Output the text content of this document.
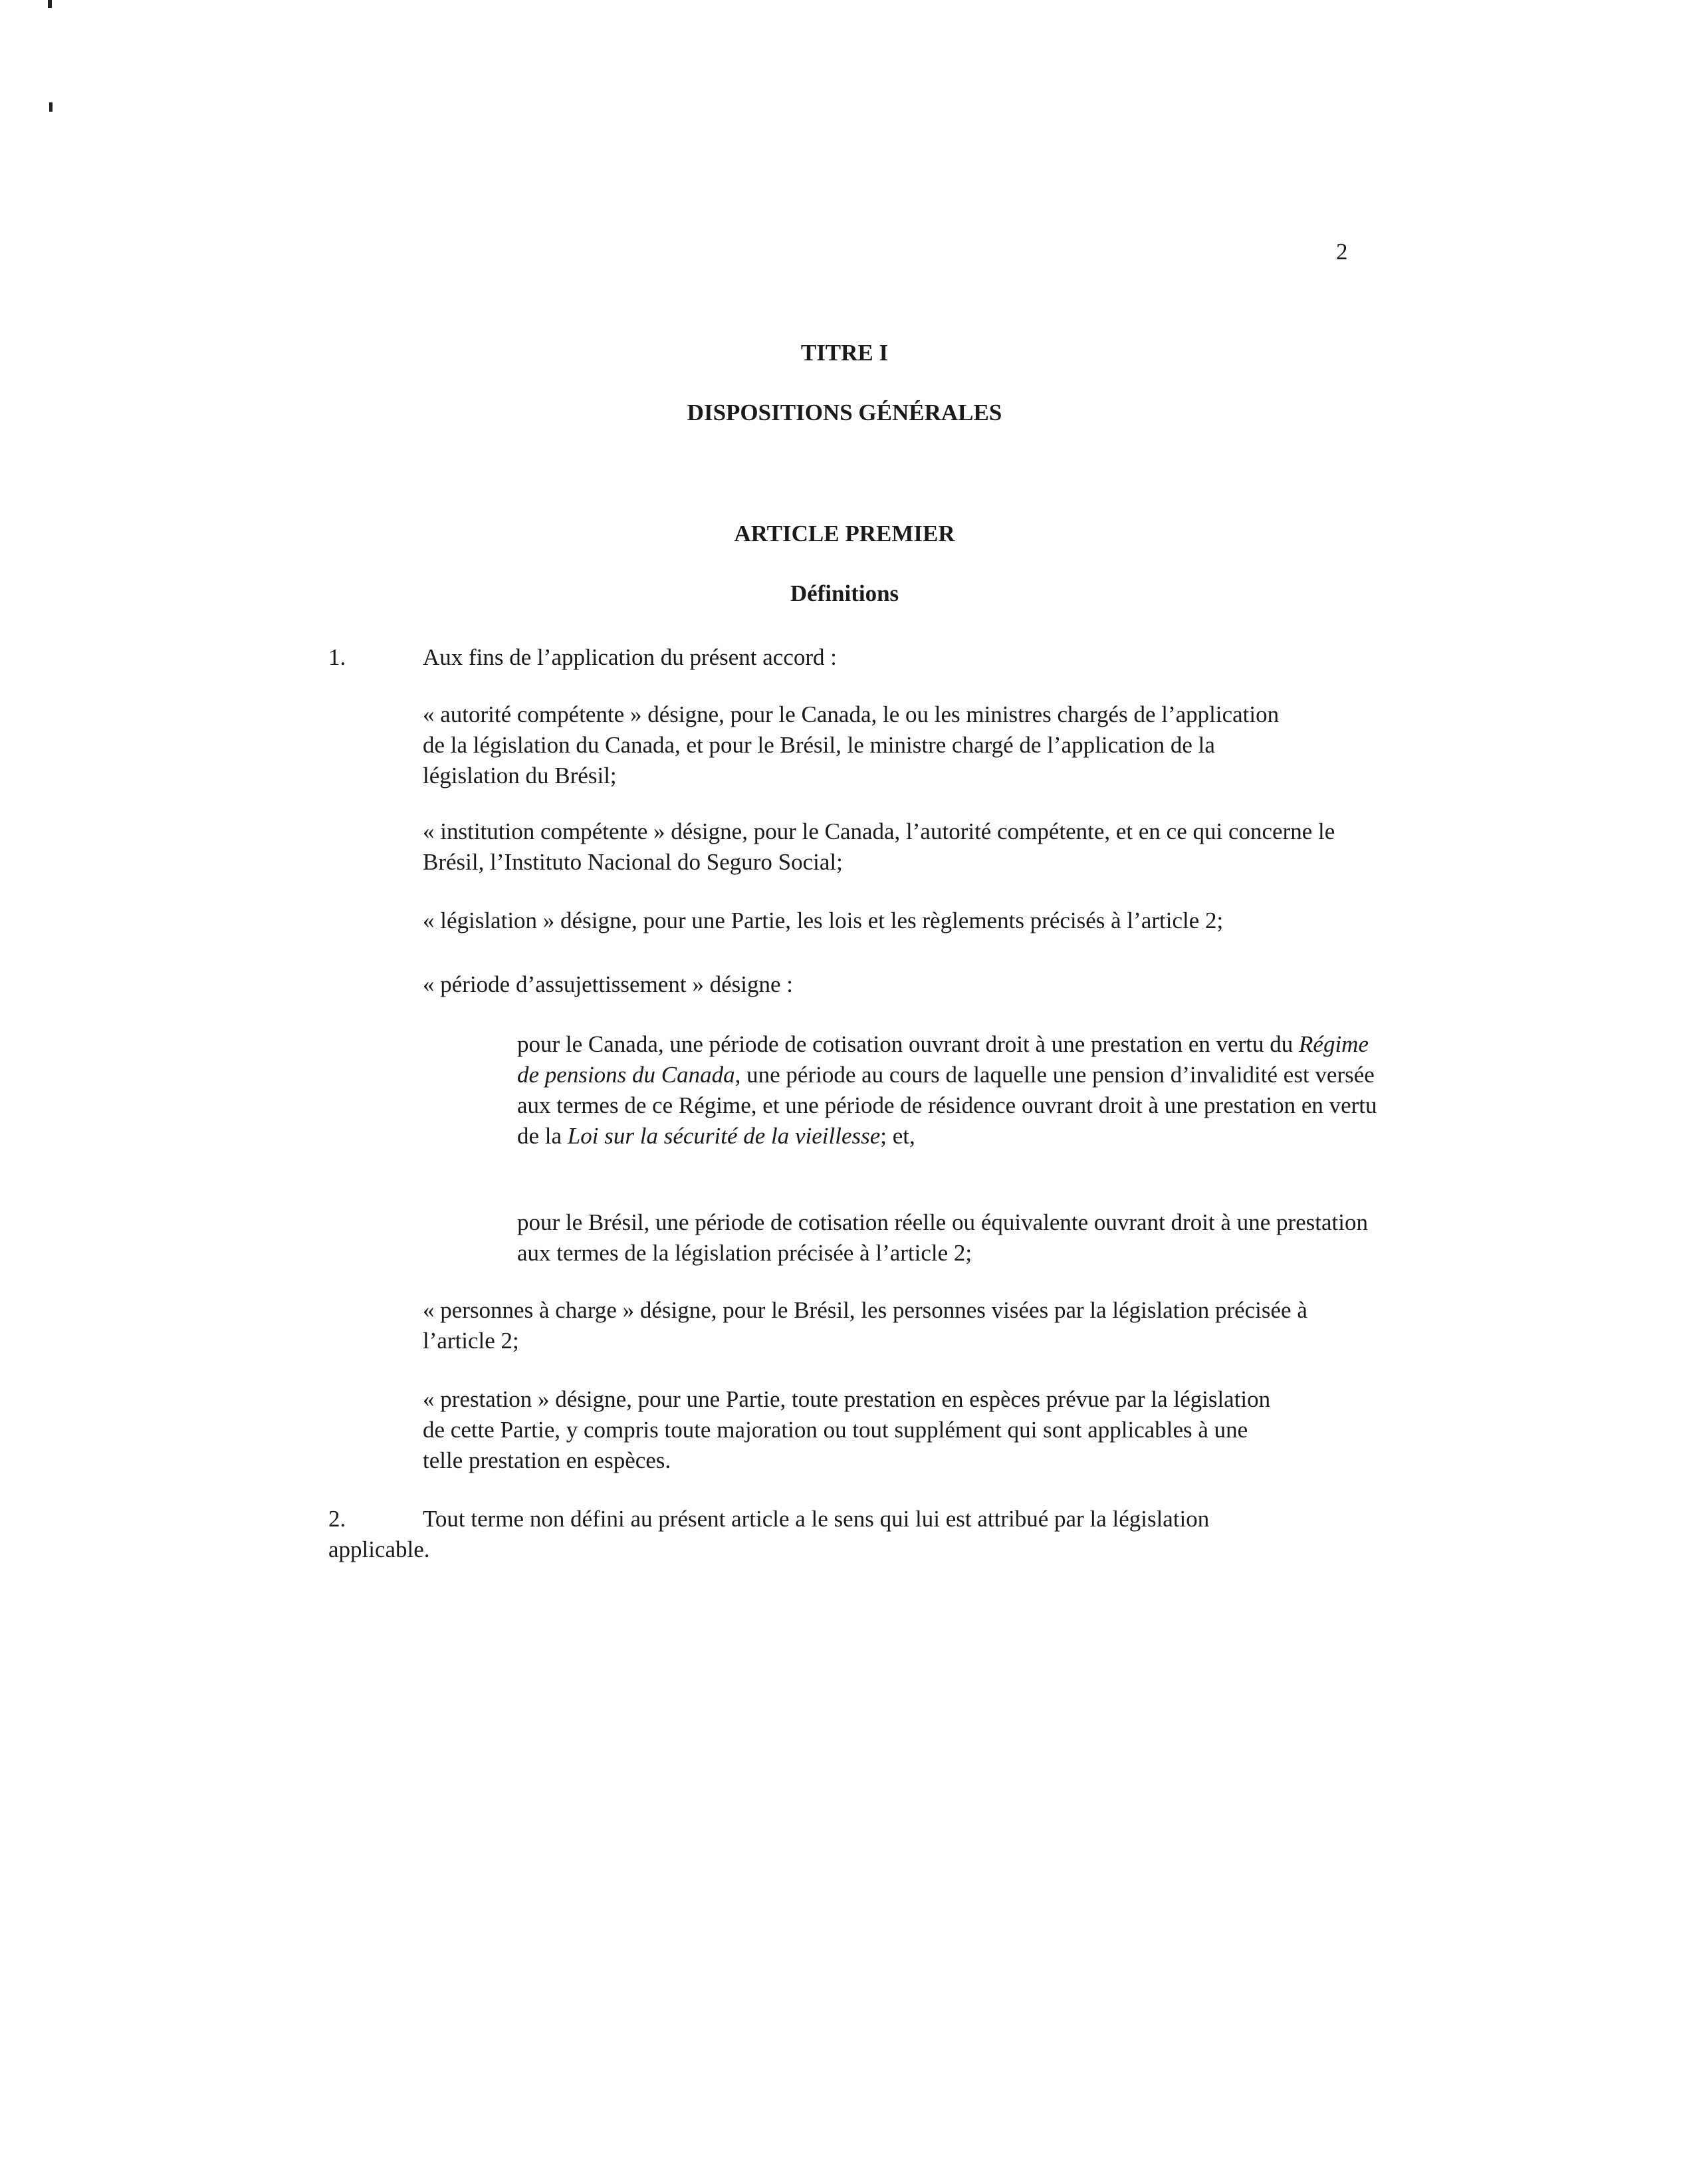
2

TITRE I

DISPOSITIONS GÉNÉRALES

ARTICLE PREMIER

Définitions

1.	Aux fins de l’application du présent accord :

« autorité compétente » désigne, pour le Canada, le ou les ministres chargés de l’application de la législation du Canada, et pour le Brésil, le ministre chargé de l’application de la législation du Brésil;

« institution compétente » désigne, pour le Canada, l’autorité compétente, et en ce qui concerne le Brésil, l’Instituto Nacional do Seguro Social;

« législation » désigne, pour une Partie, les lois et les règlements précisés à l’article 2;

« période d’assujettissement » désigne :

pour le Canada, une période de cotisation ouvrant droit à une prestation en vertu du Régime de pensions du Canada, une période au cours de laquelle une pension d’invalidité est versée aux termes de ce Régime, et une période de résidence ouvrant droit à une prestation en vertu de la Loi sur la sécurité de la vieillesse; et,

pour le Brésil, une période de cotisation réelle ou équivalente ouvrant droit à une prestation aux termes de la législation précisée à l’article 2;

« personnes à charge » désigne, pour le Brésil, les personnes visées par la législation précisée à l’article 2;

« prestation » désigne, pour une Partie, toute prestation en espèces prévue par la législation de cette Partie, y compris toute majoration ou tout supplément qui sont applicables à une telle prestation en espèces.

2.	Tout terme non défini au présent article a le sens qui lui est attribué par la législation

applicable.
